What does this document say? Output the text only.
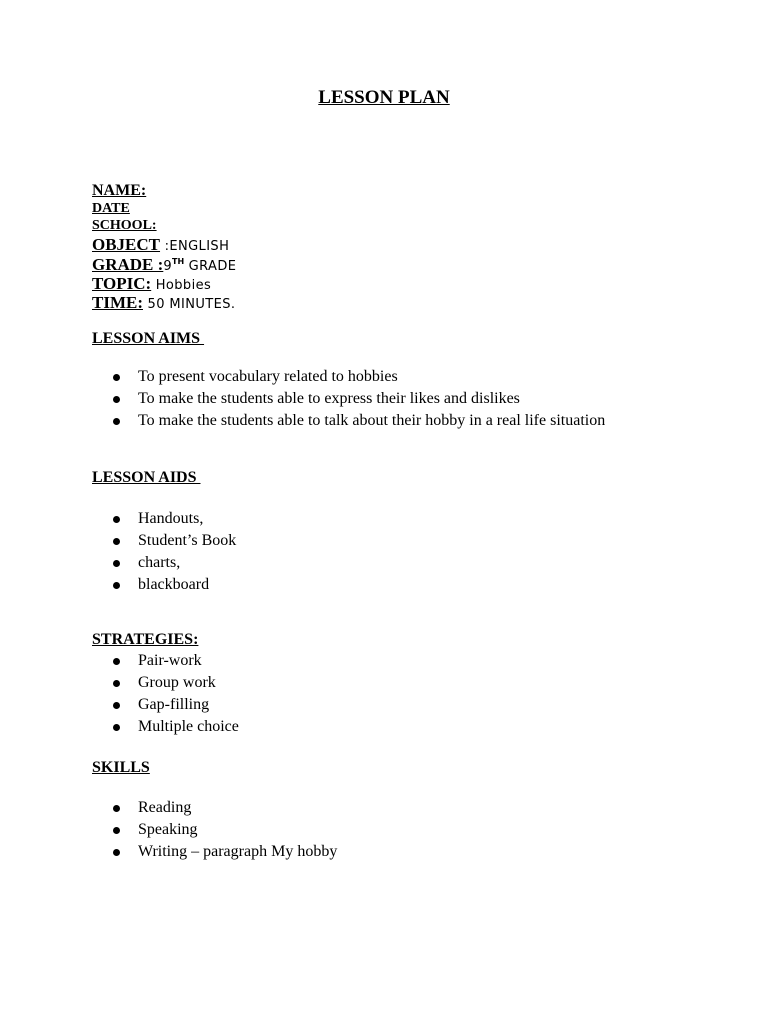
LESSON PLAN
NAME:
DATE
SCHOOL:
OBJECT :ENGLISH
GRADE :9TH GRADE
TOPIC: Hobbies
TIME: 50 MINUTES.
LESSON AIMS
To present vocabulary related to hobbies
To make the students able to express their likes and dislikes
To make the students able to talk about their hobby in a real life situation
LESSON AIDS
Handouts,
Student’s Book
charts,
blackboard
STRATEGIES:
Pair-work
Group work
Gap-filling
Multiple choice
SKILLS
Reading
Speaking
Writing – paragraph My hobby
